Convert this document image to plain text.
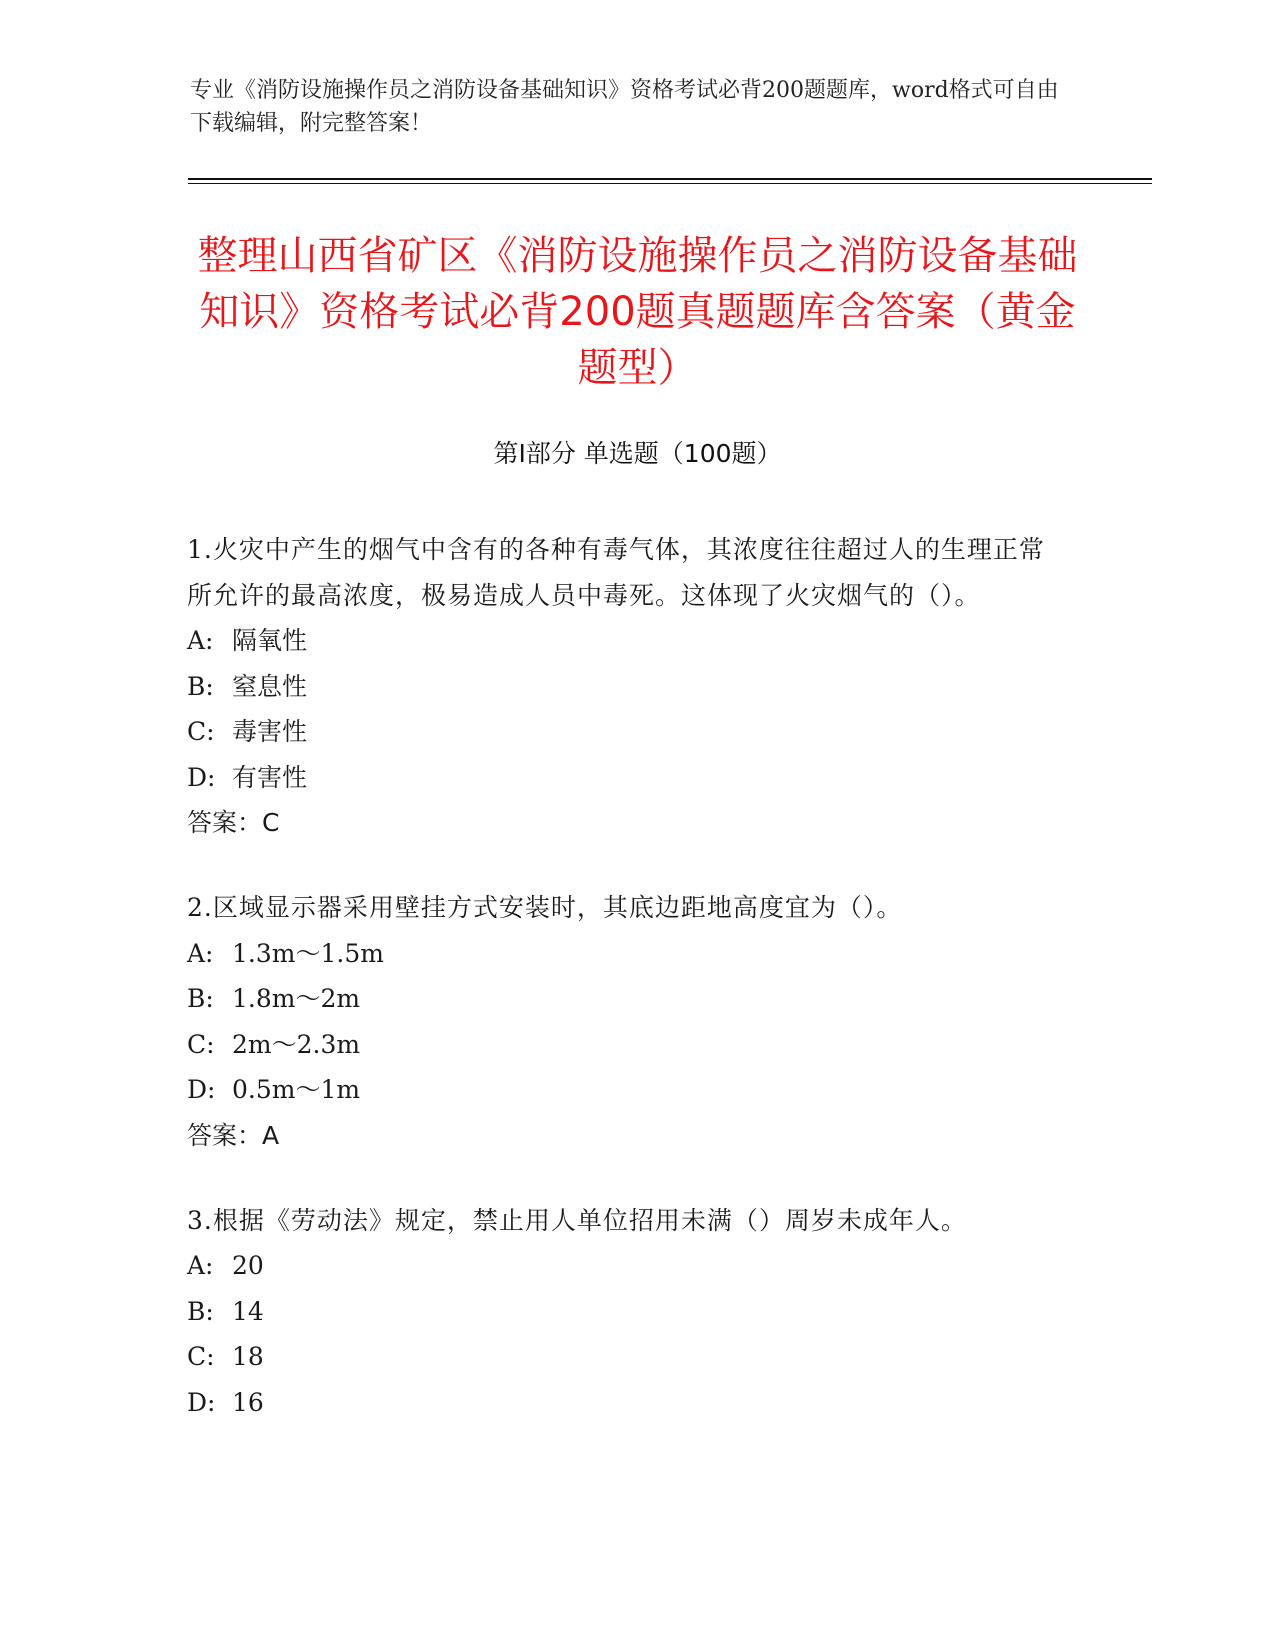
专业《消防设施操作员之消防设备基础知识》资格考试必背200题题库，word格式可自由下载编辑，附完整答案！
整理山西省矿区《消防设施操作员之消防设备基础知识》资格考试必背200题真题题库含答案（黄金题型）
第Ⅰ部分 单选题（100题）

1.火灾中产生的烟气中含有的各种有毒气体，其浓度往往超过人的生理正常所允许的最高浓度，极易造成人员中毒死。这体现了火灾烟气的（）。

A: 隔氧性

B: 窒息性

C: 毒害性

D: 有害性

答案：C

2.区域显示器采用壁挂方式安装时，其底边距地高度宜为（）。

A: 1.3m～1.5m

B: 1.8m～2m

C: 2m～2.3m

D: 0.5m～1m

答案：A

3.根据《劳动法》规定，禁止用人单位招用未满（）周岁未成年人。

A: 20

B: 14

C: 18

D: 16
